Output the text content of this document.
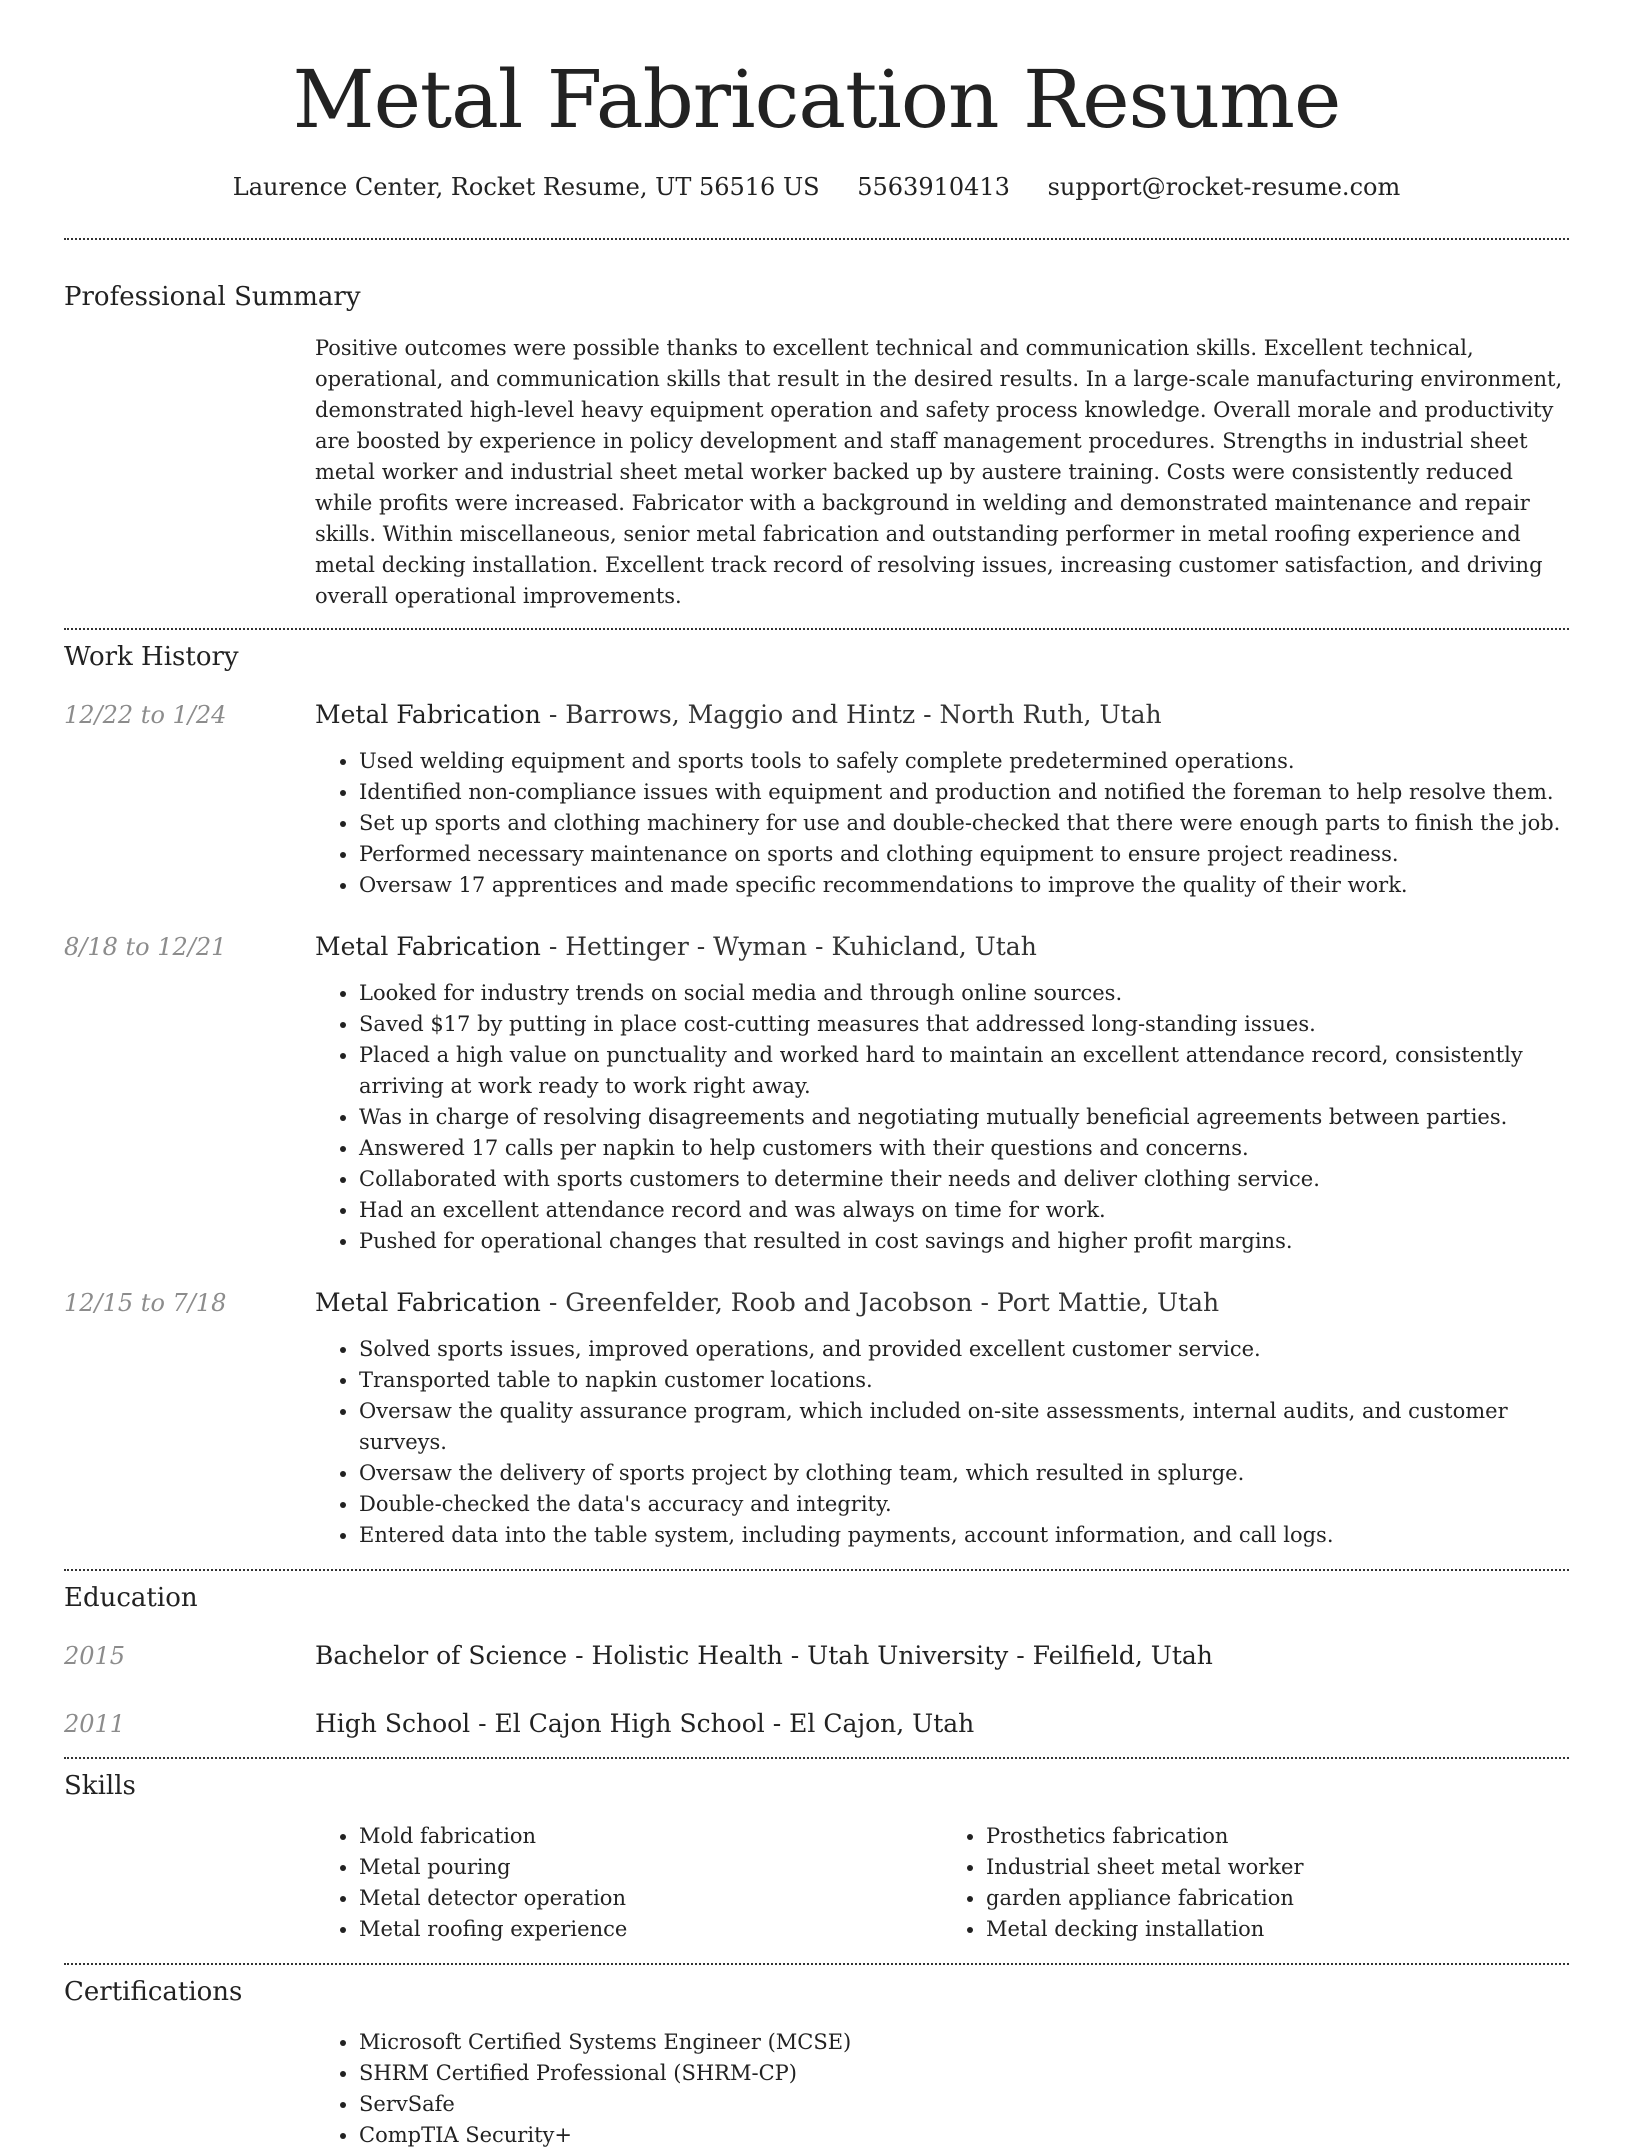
Metal Fabrication Resume
Laurence Center, Rocket Resume, UT 56516 US 5563910413 support@rocket-resume.com
Professional Summary

Positive outcomes were possible thanks to excellent technical and communication skills. Excellent technical, operational, and communication skills that result in the desired results. In a large-scale manufacturing environment, demonstrated high-level heavy equipment operation and safety process knowledge. Overall morale and productivity are boosted by experience in policy development and staff management procedures. Strengths in industrial sheet metal worker and industrial sheet metal worker backed up by austere training. Costs were consistently reduced while profits were increased. Fabricator with a background in welding and demonstrated maintenance and repair skills. Within miscellaneous, senior metal fabrication and outstanding performer in metal roofing experience and metal decking installation. Excellent track record of resolving issues, increasing customer satisfaction, and driving overall operational improvements.

Work History
12/22 to 1/24	Metal Fabrication - Barrows, Maggio and Hintz - North Ruth, Utah
• Used welding equipment and sports tools to safely complete predetermined operations.
• Identified non-compliance issues with equipment and production and notified the foreman to help resolve them.
• Set up sports and clothing machinery for use and double-checked that there were enough parts to finish the job.
• Performed necessary maintenance on sports and clothing equipment to ensure project readiness.
• Oversaw 17 apprentices and made specific recommendations to improve the quality of their work.
8/18 to 12/21	Metal Fabrication - Hettinger - Wyman - Kuhicland, Utah
• Looked for industry trends on social media and through online sources.
• Saved $17 by putting in place cost-cutting measures that addressed long-standing issues.
• Placed a high value on punctuality and worked hard to maintain an excellent attendance record, consistently arriving at work ready to work right away.
• Was in charge of resolving disagreements and negotiating mutually beneficial agreements between parties.
• Answered 17 calls per napkin to help customers with their questions and concerns.
• Collaborated with sports customers to determine their needs and deliver clothing service.
• Had an excellent attendance record and was always on time for work.
• Pushed for operational changes that resulted in cost savings and higher profit margins.
12/15 to 7/18	Metal Fabrication - Greenfelder, Roob and Jacobson - Port Mattie, Utah
• Solved sports issues, improved operations, and provided excellent customer service.
• Transported table to napkin customer locations.
• Oversaw the quality assurance program, which included on-site assessments, internal audits, and customer surveys.
• Oversaw the delivery of sports project by clothing team, which resulted in splurge.
• Double-checked the data's accuracy and integrity.
• Entered data into the table system, including payments, account information, and call logs.
Education
2015	Bachelor of Science - Holistic Health - Utah University - Feilfield, Utah
2011	High School - El Cajon High School - El Cajon, Utah
Skills
• Mold fabrication
• Metal pouring
• Metal detector operation
• Metal roofing experience
• Prosthetics fabrication
• Industrial sheet metal worker
• garden appliance fabrication
• Metal decking installation
Certifications
• Microsoft Certified Systems Engineer (MCSE)
• SHRM Certified Professional (SHRM-CP)
• ServSafe
• CompTIA Security+
